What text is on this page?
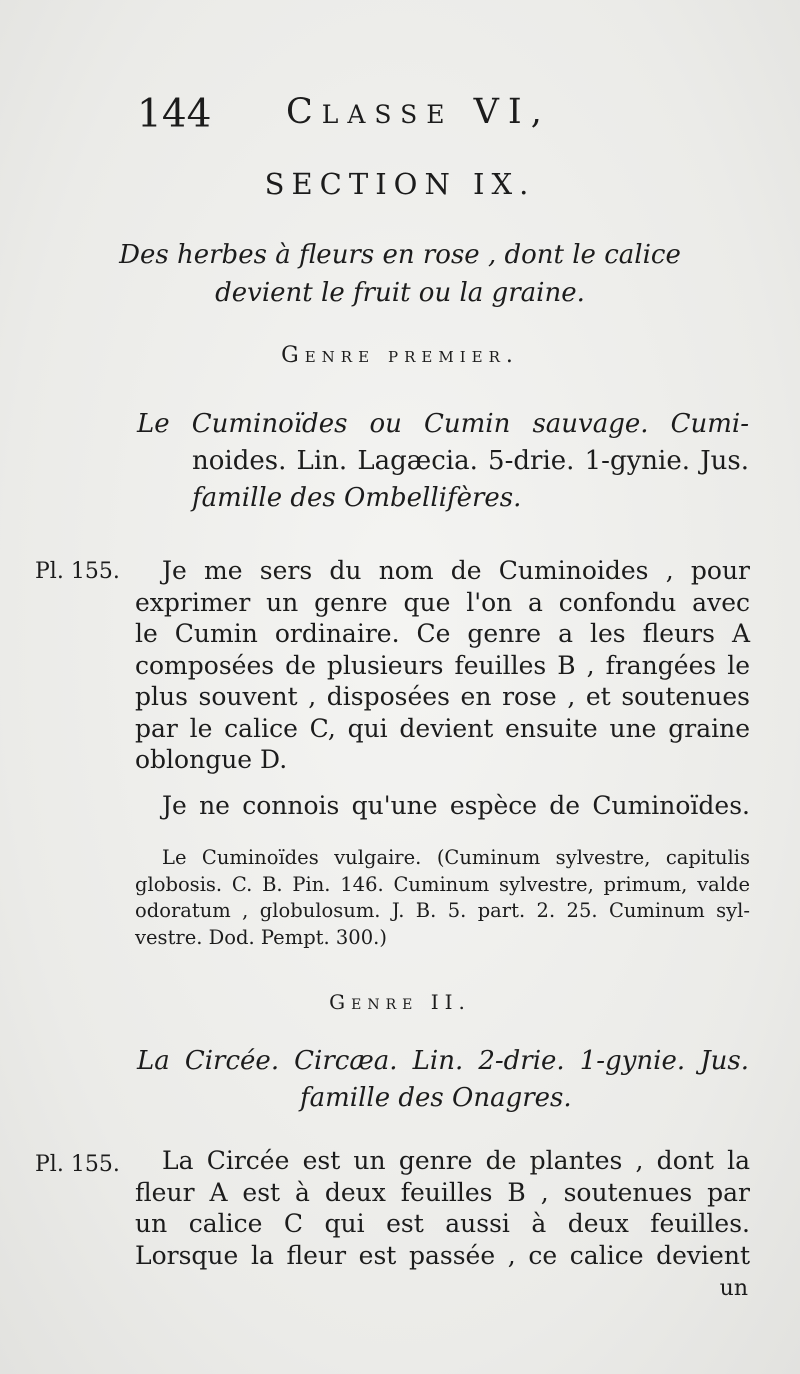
144 Classe VI,
SECTION IX.
Des herbes à fleurs en rose , dont le calice
devient le fruit ou la graine.
Genre premier.
Le Cuminoïdes ou Cumin sauvage. Cumi-
noides. Lin. Lagæcia. 5-drie. 1-gynie. Jus.
famille des Ombellifères.
Pl. 155. Je me sers du nom de Cuminoides , pour
exprimer un genre que l'on a confondu avec
le Cumin ordinaire. Ce genre a les fleurs A
composées de plusieurs feuilles B , frangées le
plus souvent , disposées en rose , et soutenues
par le calice C, qui devient ensuite une graine
oblongue D.
Je ne connois qu'une espèce de Cuminoïdes.
Le Cuminoïdes vulgaire. (Cuminum sylvestre, capitulis
globosis. C. B. Pin. 146. Cuminum sylvestre, primum, valde
odoratum , globulosum. J. B. 5. part. 2. 25. Cuminum syl-
vestre. Dod. Pempt. 300.)
Genre II.
La Circée. Circæa. Lin. 2-drie. 1-gynie. Jus.
famille des Onagres.
Pl. 155. La Circée est un genre de plantes , dont la
fleur A est à deux feuilles B , soutenues par
un calice C qui est aussi à deux feuilles.
Lorsque la fleur est passée , ce calice devient
un
